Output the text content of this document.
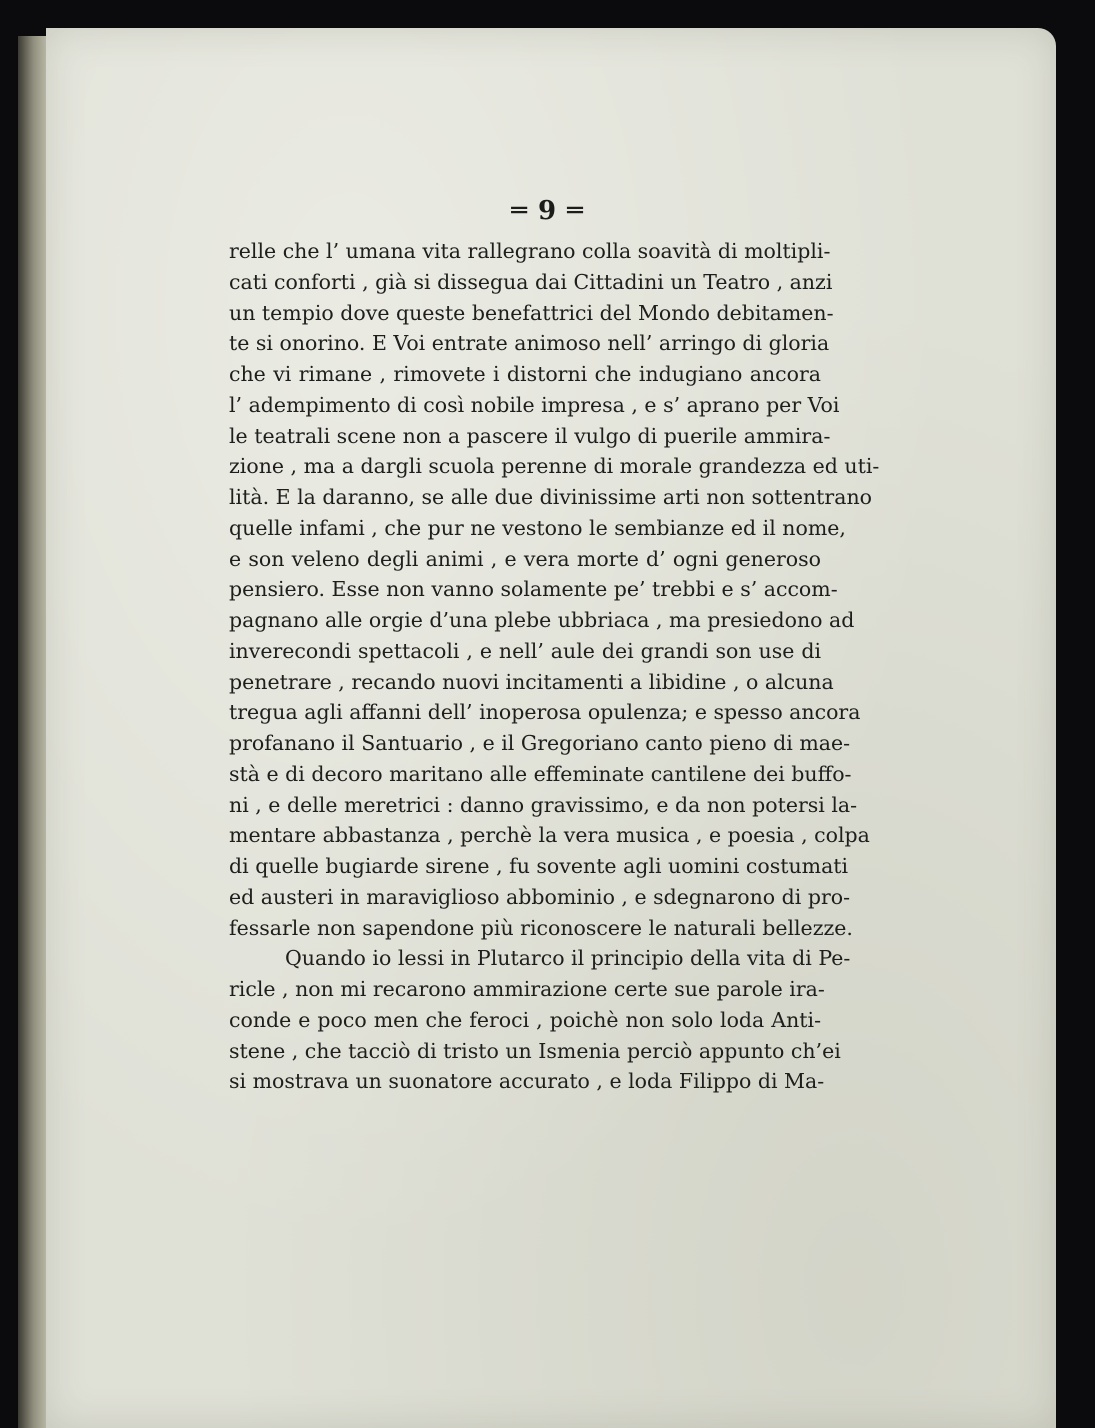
═ 9 ═
relle che l’ umana vita rallegrano colla soavità di moltipli-
cati conforti , già si dissegua dai Cittadini un Teatro , anzi
un tempio dove queste benefattrici del Mondo debitamen-
te si onorino. E Voi entrate animoso nell’ arringo di gloria
che vi rimane , rimovete i distorni che indugiano ancora
l’ adempimento di così nobile impresa , e s’ aprano per Voi
le teatrali scene non a pascere il vulgo di puerile ammira-
zione , ma a dargli scuola perenne di morale grandezza ed uti-
lità. E la daranno, se alle due divinissime arti non sottentrano
quelle infami , che pur ne vestono le sembianze ed il nome,
e son veleno degli animi , e vera morte d’ ogni generoso
pensiero. Esse non vanno solamente pe’ trebbi e s’ accom-
pagnano alle orgie d’una plebe ubbriaca , ma presiedono ad
inverecondi spettacoli , e nell’ aule dei grandi son use di
penetrare , recando nuovi incitamenti a libidine , o alcuna
tregua agli affanni dell’ inoperosa opulenza; e spesso ancora
profanano il Santuario , e il Gregoriano canto pieno di mae-
stà e di decoro maritano alle effeminate cantilene dei buffo-
ni , e delle meretrici : danno gravissimo, e da non potersi la-
mentare abbastanza , perchè la vera musica , e poesia , colpa
di quelle bugiarde sirene , fu sovente agli uomini costumati
ed austeri in maraviglioso abbominio , e sdegnarono di pro-
fessarle non sapendone più riconoscere le naturali bellezze.
Quando io lessi in Plutarco il principio della vita di Pe-
ricle , non mi recarono ammirazione certe sue parole ira-
conde e poco men che feroci , poichè non solo loda Anti-
stene , che tacciò di tristo un Ismenia perciò appunto ch’ei
si mostrava un suonatore accurato , e loda Filippo di Ma-
